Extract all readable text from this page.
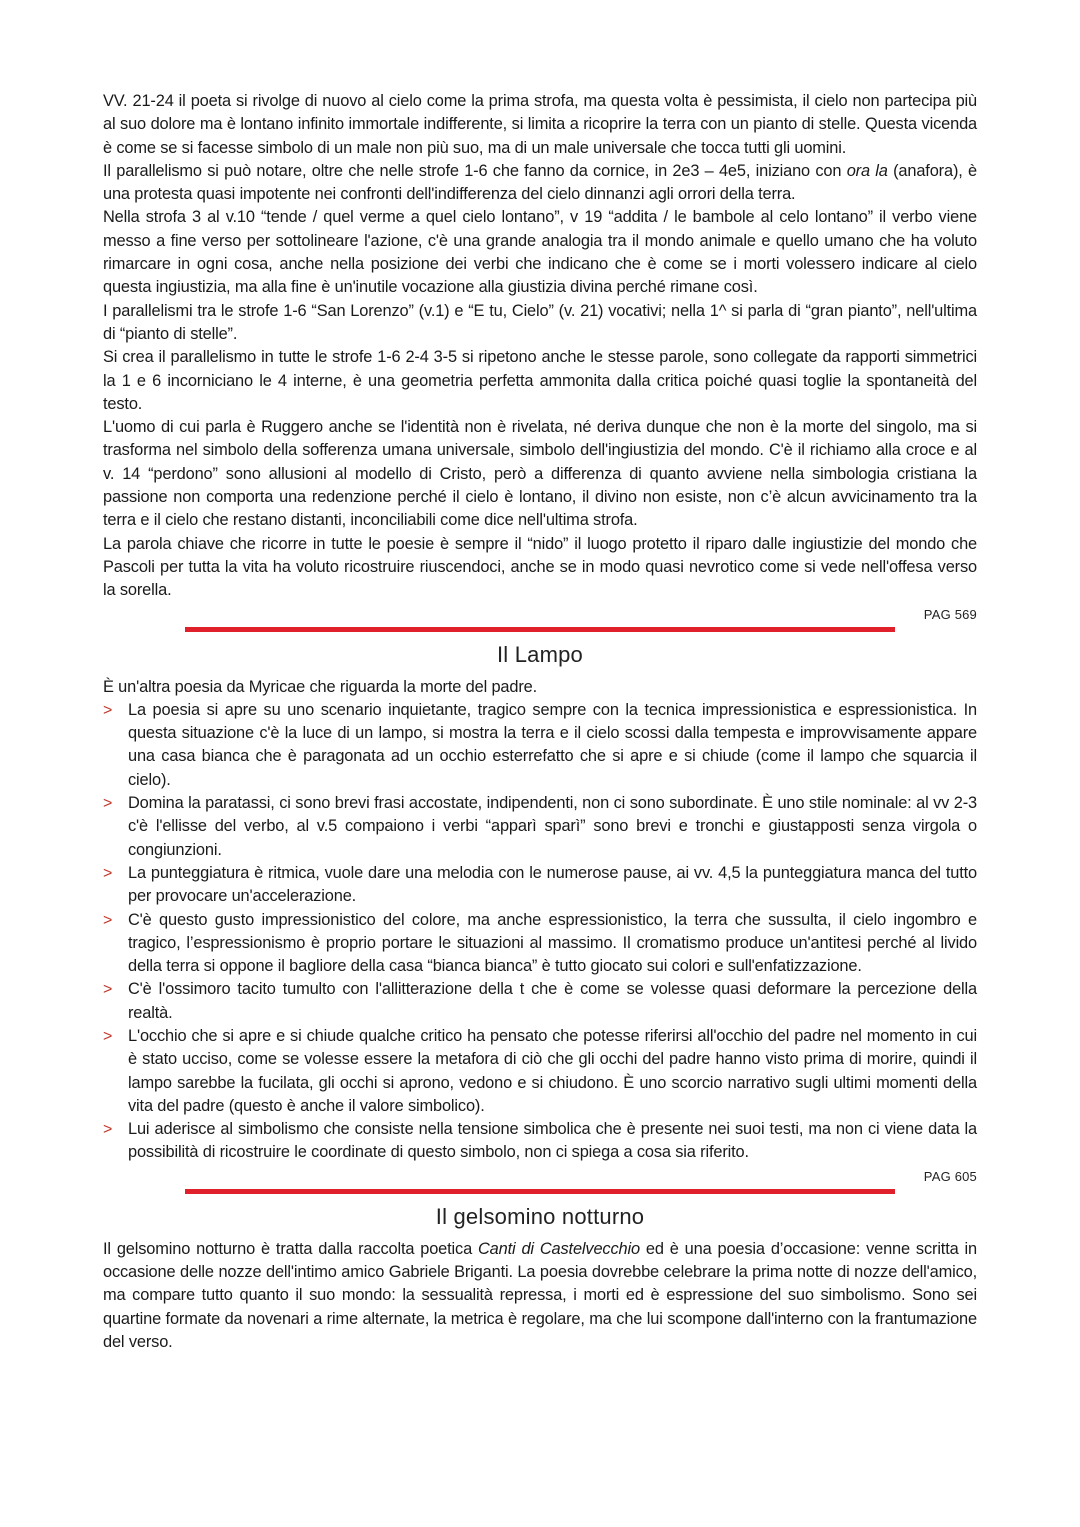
VV. 21-24 il poeta si rivolge di nuovo al cielo come la prima strofa, ma questa volta è pessimista, il cielo non partecipa più al suo dolore ma è lontano infinito immortale indifferente, si limita a ricoprire la terra con un pianto di stelle. Questa vicenda è come se si facesse simbolo di un male non più suo, ma di un male universale che tocca tutti gli uomini.

Il parallelismo si può notare, oltre che nelle strofe 1-6 che fanno da cornice, in 2e3 – 4e5, iniziano con ora la (anafora), è una protesta quasi impotente nei confronti dell'indifferenza del cielo dinnanzi agli orrori della terra.

Nella strofa 3 al v.10 “tende / quel verme a quel cielo lontano”, v 19 “addita / le bambole al celo lontano” il verbo viene messo a fine verso per sottolineare l'azione, c'è una grande analogia tra il mondo animale e quello umano che ha voluto rimarcare in ogni cosa, anche nella posizione dei verbi che indicano che è come se i morti volessero indicare al cielo questa ingiustizia, ma alla fine è un'inutile vocazione alla giustizia divina perché rimane così.

I parallelismi tra le strofe 1-6 “San Lorenzo” (v.1) e “E tu, Cielo” (v. 21) vocativi; nella 1^ si parla di “gran pianto”, nell'ultima di “pianto di stelle”.

Si crea il parallelismo in tutte le strofe 1-6 2-4 3-5 si ripetono anche le stesse parole, sono collegate da rapporti simmetrici la 1 e 6 incorniciano le 4 interne, è una geometria perfetta ammonita dalla critica poiché quasi toglie la spontaneità del testo.

L'uomo di cui parla è Ruggero anche se l'identità non è rivelata, né deriva dunque che non è la morte del singolo, ma si trasforma nel simbolo della sofferenza umana universale, simbolo dell'ingiustizia del mondo. C'è il richiamo alla croce e al v. 14 “perdono” sono allusioni al modello di Cristo, però a differenza di quanto avviene nella simbologia cristiana la passione non comporta una redenzione perché il cielo è lontano, il divino non esiste, non c’è alcun avvicinamento tra la terra e il cielo che restano distanti, inconciliabili come dice nell'ultima strofa.

La parola chiave che ricorre in tutte le poesie è sempre il “nido” il luogo protetto il riparo dalle ingiustizie del mondo che Pascoli per tutta la vita ha voluto ricostruire riuscendoci, anche se in modo quasi nevrotico come si vede nell'offesa verso la sorella.

PAG 569
Il Lampo

È un'altra poesia da Myricae che riguarda la morte del padre.

> La poesia si apre su uno scenario inquietante, tragico sempre con la tecnica impressionistica e espressionistica. In questa situazione c'è la luce di un lampo, si mostra la terra e il cielo scossi dalla tempesta e improvvisamente appare una casa bianca che è paragonata ad un occhio esterrefatto che si apre e si chiude (come il lampo che squarcia il cielo).

> Domina la paratassi, ci sono brevi frasi accostate, indipendenti, non ci sono subordinate. È uno stile nominale: al vv 2-3 c'è l'ellisse del verbo, al v.5 compaiono i verbi “apparì sparì” sono brevi e tronchi e giustapposti senza virgola o congiunzioni.

> La punteggiatura è ritmica, vuole dare una melodia con le numerose pause, ai vv. 4,5 la punteggiatura manca del tutto per provocare un'accelerazione.

> C'è questo gusto impressionistico del colore, ma anche espressionistico, la terra che sussulta, il cielo ingombro e tragico, l’espressionismo è proprio portare le situazioni al massimo. Il cromatismo produce un'antitesi perché al livido della terra si oppone il bagliore della casa “bianca bianca” è tutto giocato sui colori e sull'enfatizzazione.

> C'è l'ossimoro tacito tumulto con l'allitterazione della t che è come se volesse quasi deformare la percezione della realtà.

> L'occhio che si apre e si chiude qualche critico ha pensato che potesse riferirsi all'occhio del padre nel momento in cui è stato ucciso, come se volesse essere la metafora di ciò che gli occhi del padre hanno visto prima di morire, quindi il lampo sarebbe la fucilata, gli occhi si aprono, vedono e si chiudono. È uno scorcio narrativo sugli ultimi momenti della vita del padre (questo è anche il valore simbolico).

> Lui aderisce al simbolismo che consiste nella tensione simbolica che è presente nei suoi testi, ma non ci viene data la possibilità di ricostruire le coordinate di questo simbolo, non ci spiega a cosa sia riferito.

PAG 605
Il gelsomino notturno

Il gelsomino notturno è tratta dalla raccolta poetica Canti di Castelvecchio ed è una poesia d’occasione: venne scritta in occasione delle nozze dell'intimo amico Gabriele Briganti. La poesia dovrebbe celebrare la prima notte di nozze dell'amico, ma compare tutto quanto il suo mondo: la sessualità repressa, i morti ed è espressione del suo simbolismo. Sono sei quartine formate da novenari a rime alternate, la metrica è regolare, ma che lui scompone dall'interno con la frantumazione del verso.
